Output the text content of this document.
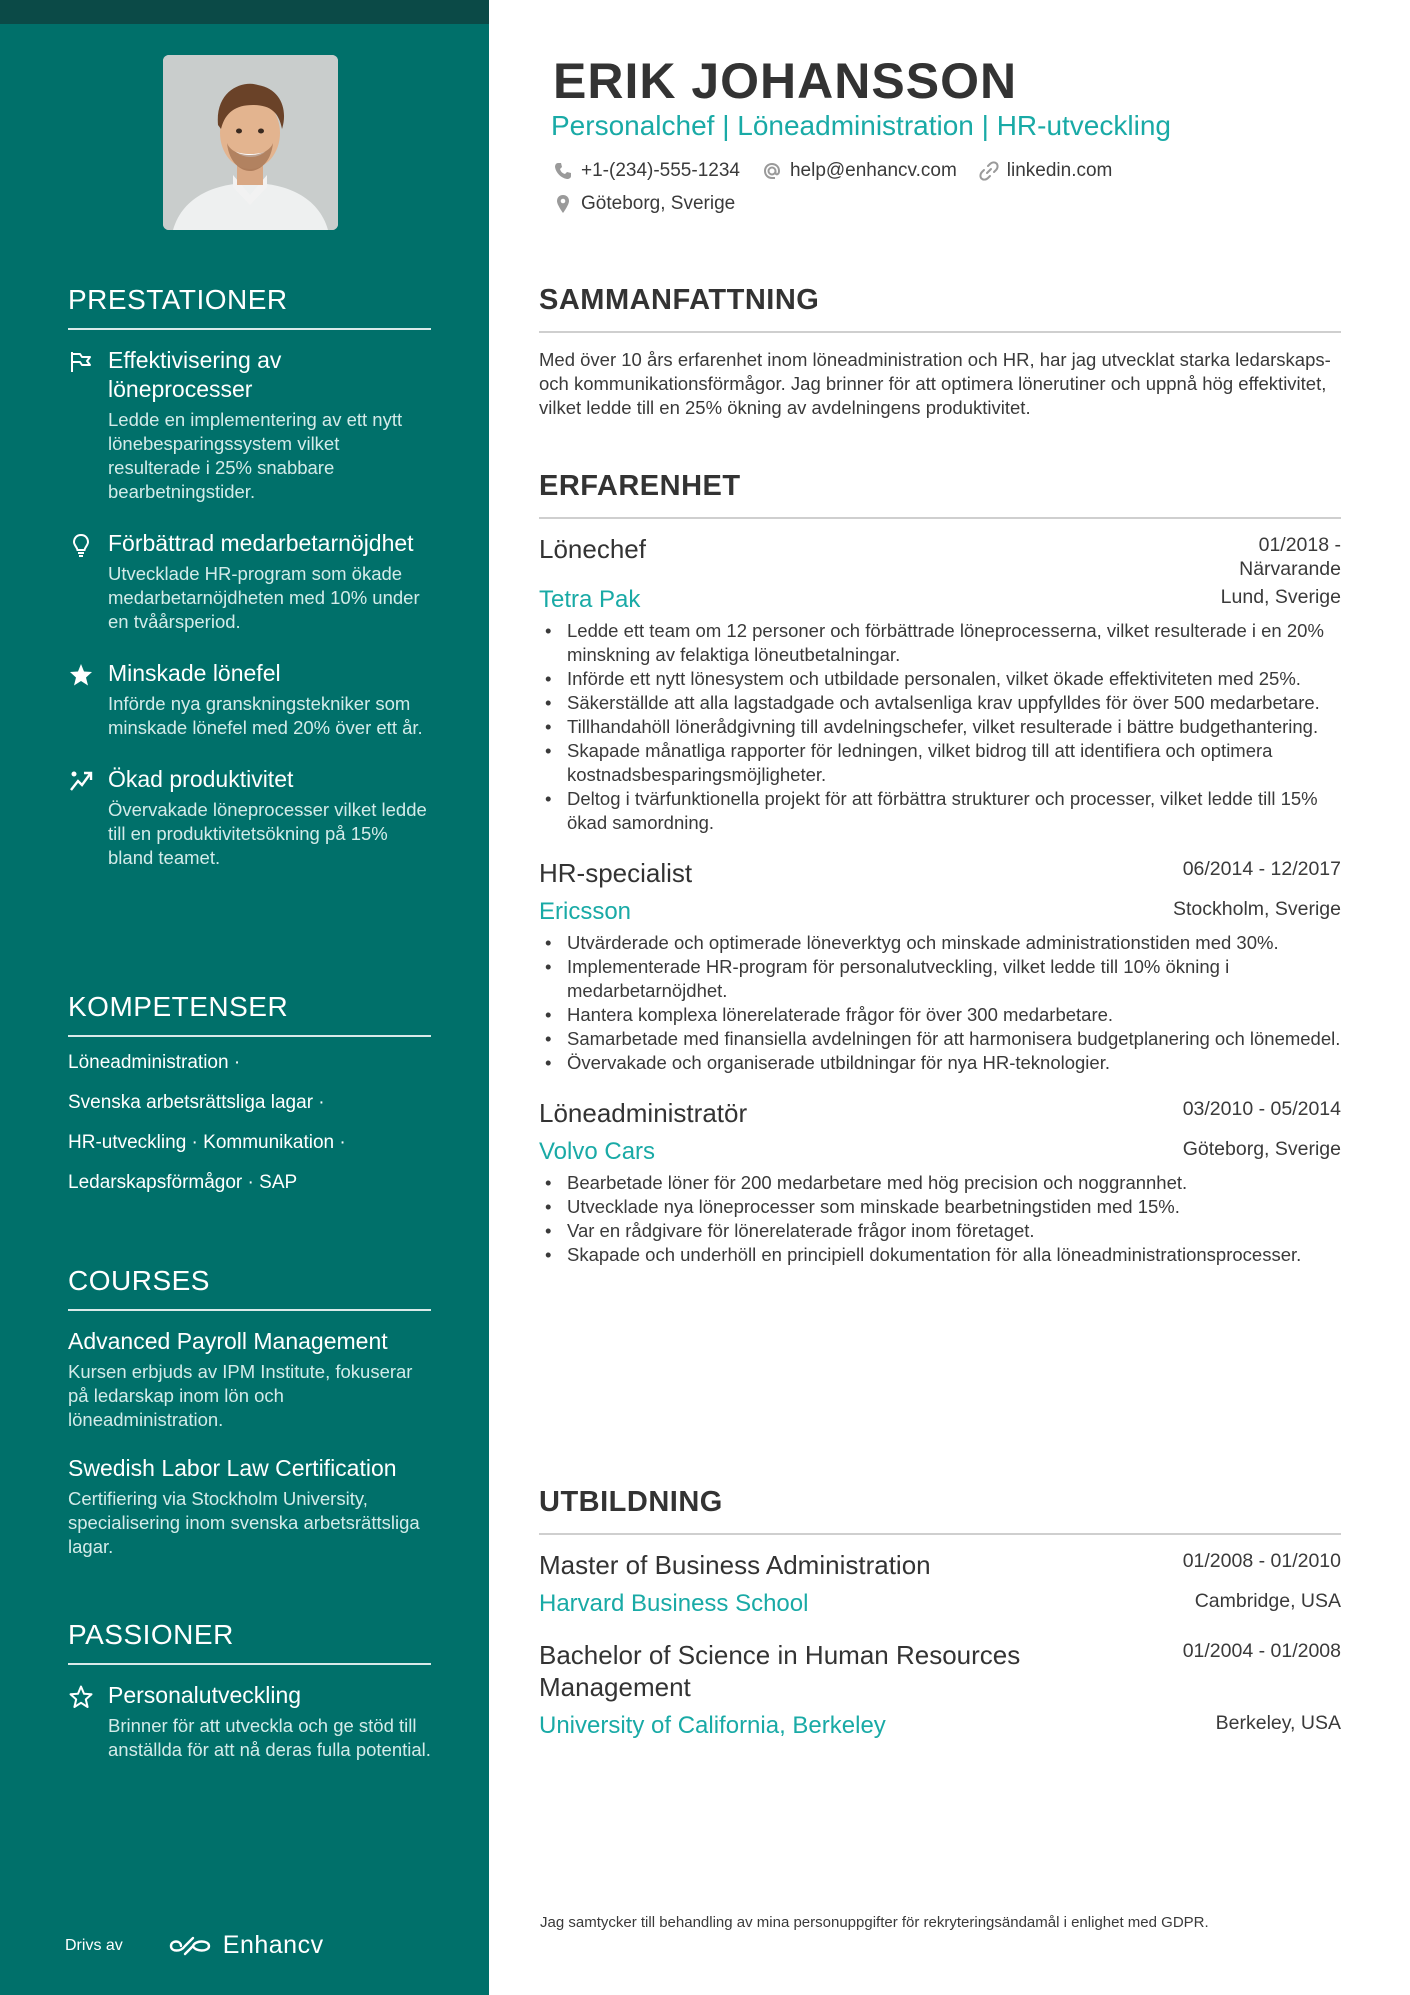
PRESTATIONER
Effektivisering av löneprocesser
Ledde en implementering av ett nytt lönebesparingssystem vilket resulterade i 25% snabbare bearbetningstider.
Förbättrad medarbetarnöjdhet
Utvecklade HR-program som ökade medarbetarnöjdheten med 10% under en tvåårsperiod.
Minskade lönefel
Införde nya granskningstekniker som minskade lönefel med 20% över ett år.
Ökad produktivitet
Övervakade löneprocesser vilket ledde till en produktivitetsökning på 15% bland teamet.
KOMPETENSER
Löneadministration ·
Svenska arbetsrättsliga lagar ·
HR-utveckling · Kommunikation ·
Ledarskapsförmågor · SAP
COURSES
Advanced Payroll Management
Kursen erbjuds av IPM Institute, fokuserar på ledarskap inom lön och löneadministration.
Swedish Labor Law Certification
Certifiering via Stockholm University, specialisering inom svenska arbetsrättsliga lagar.
PASSIONER
Personalutveckling
Brinner för att utveckla och ge stöd till anställda för att nå deras fulla potential.
Drivs av	Enhancv
ERIK JOHANSSON
Personalchef | Löneadministration | HR-utveckling
+1-(234)-555-1234	help@enhancv.com	linkedin.com
Göteborg, Sverige
SAMMANFATTNING

Med över 10 års erfarenhet inom löneadministration och HR, har jag utvecklat starka ledarskaps- och kommunikationsförmågor. Jag brinner för att optimera lönerutiner och uppnå hög effektivitet, vilket ledde till en 25% ökning av avdelningens produktivitet.

ERFARENHET
Lönechef	01/2018 - Närvarande
Tetra Pak	Lund, Sverige
• Ledde ett team om 12 personer och förbättrade löneprocesserna, vilket resulterade i en 20% minskning av felaktiga löneutbetalningar.
• Införde ett nytt lönesystem och utbildade personalen, vilket ökade effektiviteten med 25%.
• Säkerställde att alla lagstadgade och avtalsenliga krav uppfylldes för över 500 medarbetare.
• Tillhandahöll lönerådgivning till avdelningschefer, vilket resulterade i bättre budgethantering.
• Skapade månatliga rapporter för ledningen, vilket bidrog till att identifiera och optimera kostnadsbesparingsmöjligheter.
• Deltog i tvärfunktionella projekt för att förbättra strukturer och processer, vilket ledde till 15% ökad samordning.
HR-specialist	06/2014 - 12/2017
Ericsson	Stockholm, Sverige
• Utvärderade och optimerade löneverktyg och minskade administrationstiden med 30%.
• Implementerade HR-program för personalutveckling, vilket ledde till 10% ökning i medarbetarnöjdhet.
• Hantera komplexa lönerelaterade frågor för över 300 medarbetare.
• Samarbetade med finansiella avdelningen för att harmonisera budgetplanering och lönemedel.
• Övervakade och organiserade utbildningar för nya HR-teknologier.
Löneadministratör	03/2010 - 05/2014
Volvo Cars	Göteborg, Sverige
• Bearbetade löner för 200 medarbetare med hög precision och noggrannhet.
• Utvecklade nya löneprocesser som minskade bearbetningstiden med 15%.
• Var en rådgivare för lönerelaterade frågor inom företaget.
• Skapade och underhöll en principiell dokumentation för alla löneadministrationsprocesser.
UTBILDNING
Master of Business Administration	01/2008 - 01/2010
Harvard Business School	Cambridge, USA
Bachelor of Science in Human Resources Management
01/2004 - 01/2008
University of California, Berkeley	Berkeley, USA

Jag samtycker till behandling av mina personuppgifter för rekryteringsändamål i enlighet med GDPR.
